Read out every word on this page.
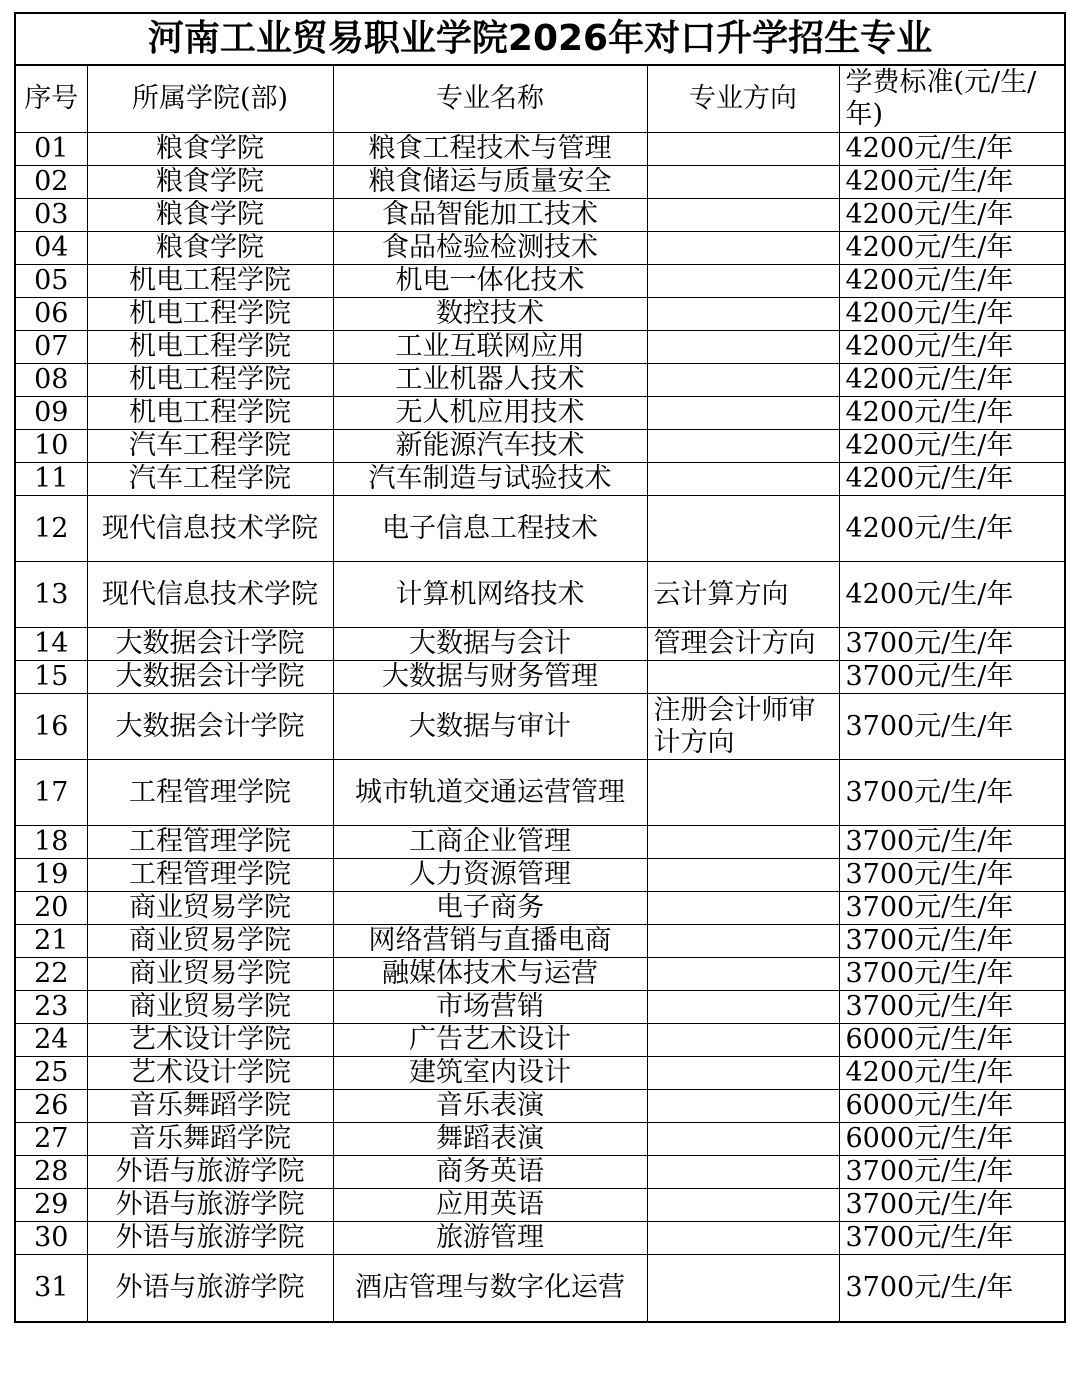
河南工业贸易职业学院2026年对口升学招生专业
序号	所属学院(部)	专业名称	专业方向	学费标准(元/生/年)
01	粮食学院	粮食工程技术与管理		4200元/生/年
02	粮食学院	粮食储运与质量安全		4200元/生/年
03	粮食学院	食品智能加工技术		4200元/生/年
04	粮食学院	食品检验检测技术		4200元/生/年
05	机电工程学院	机电一体化技术		4200元/生/年
06	机电工程学院	数控技术		4200元/生/年
07	机电工程学院	工业互联网应用		4200元/生/年
08	机电工程学院	工业机器人技术		4200元/生/年
09	机电工程学院	无人机应用技术		4200元/生/年
10	汽车工程学院	新能源汽车技术		4200元/生/年
11	汽车工程学院	汽车制造与试验技术		4200元/生/年
12	现代信息技术学院	电子信息工程技术		4200元/生/年
13	现代信息技术学院	计算机网络技术	云计算方向	4200元/生/年
14	大数据会计学院	大数据与会计	管理会计方向	3700元/生/年
15	大数据会计学院	大数据与财务管理		3700元/生/年
16	大数据会计学院	大数据与审计	注册会计师审计方向	3700元/生/年
17	工程管理学院	城市轨道交通运营管理		3700元/生/年
18	工程管理学院	工商企业管理		3700元/生/年
19	工程管理学院	人力资源管理		3700元/生/年
20	商业贸易学院	电子商务		3700元/生/年
21	商业贸易学院	网络营销与直播电商		3700元/生/年
22	商业贸易学院	融媒体技术与运营		3700元/生/年
23	商业贸易学院	市场营销		3700元/生/年
24	艺术设计学院	广告艺术设计		6000元/生/年
25	艺术设计学院	建筑室内设计		4200元/生/年
26	音乐舞蹈学院	音乐表演		6000元/生/年
27	音乐舞蹈学院	舞蹈表演		6000元/生/年
28	外语与旅游学院	商务英语		3700元/生/年
29	外语与旅游学院	应用英语		3700元/生/年
30	外语与旅游学院	旅游管理		3700元/生/年
31	外语与旅游学院	酒店管理与数字化运营		3700元/生/年
